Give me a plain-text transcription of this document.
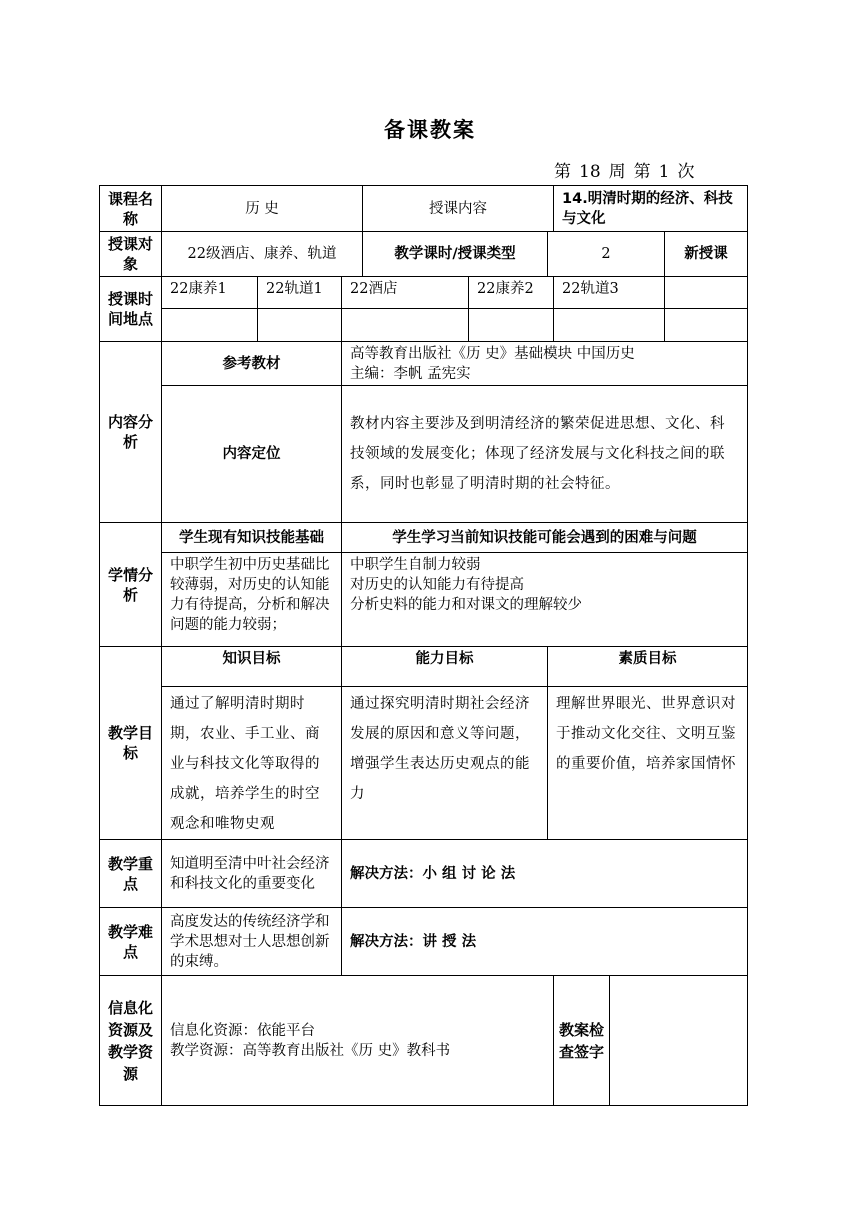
备课教案
第 18 周 第 1 次
课程名称	历 史			授课内容			14.明清时期的经济、科技与文化		
授课对象	22级酒店、康养、轨道			教学课时/授课类型		2			新授课
授课时间地点	22康养1	22轨道1	22酒店		22康养2		22轨道3		

内容分析	参考教材		高等教育出版社《历 史》基础模块 中国历史
主编：李帆 孟宪实						

	内容定位		教材内容主要涉及到明清经济的繁荣促进思想、文化、科技领域的发展变化；体现了经济发展与文化科技之间的联系，同时也彰显了明清时期的社会特征。						
学情分析	学生现有知识技能基础		学生学习当前知识技能可能会遇到的困难与问题						
	中职学生初中历史基础比较薄弱，对历史的认知能力有待提高，分析和解决问题的能力较弱；		中职学生自制力较弱
对历史的认知能力有待提高
分析史料的能力和对课文的理解较少						

教学目标	知识目标		能力目标			素质目标			
	通过了解明清时期时期，农业、手工业、商业与科技文化等取得的成就，培养学生的时空观念和唯物史观		通过探究明清时期社会经济发展的原因和意义等问题，增强学生表达历史观点的能力			理解世界眼光、世界意识对于推动文化交往、文明互鉴的重要价值，培养家国情怀			
教学重点	知道明至清中叶社会经济和科技文化的重要变化		解决方法：小 组 讨 论 法						
教学难点	高度发达的传统经济学和学术思想对士人思想创新的束缚。		解决方法：讲 授 法						
信息化资源及教学资源	信息化资源：依能平台
教学资源：高等教育出版社《历 史》教科书						教案检查签字		
